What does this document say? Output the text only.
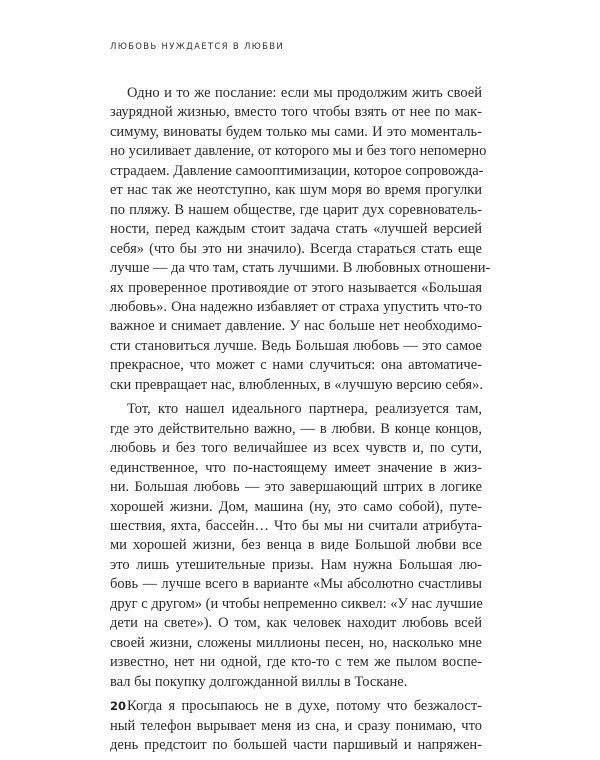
ЛЮБОВЬ НУЖДАЕТСЯ В ЛЮБВИ
Одно и то же послание: если мы продолжим жить своей
заурядной жизнью, вместо того чтобы взять от нее по мак-
симуму, виноваты будем только мы сами. И это моменталь-
но усиливает давление, от которого мы и без того непомерно
страдаем. Давление самооптимизации, которое сопровожда-
ет нас так же неотступно, как шум моря во время прогулки
по пляжу. В нашем обществе, где царит дух соревнователь-
ности, перед каждым стоит задача стать «лучшей версией
себя» (что бы это ни значило). Всегда стараться стать еще
лучше — да что там, стать лучшими. В любовных отношени-
ях проверенное противоядие от этого называется «Большая
любовь». Она надежно избавляет от страха упустить что-то
важное и снимает давление. У нас больше нет необходимо-
сти становиться лучше. Ведь Большая любовь — это самое
прекрасное, что может с нами случиться: она автоматиче-
ски превращает нас, влюбленных, в «лучшую версию себя».
Тот, кто нашел идеального партнера, реализуется там,
где это действительно важно, — в любви. В конце концов,
любовь и без того величайшее из всех чувств и, по сути,
единственное, что по-настоящему имеет значение в жиз-
ни. Большая любовь — это завершающий штрих в логике
хорошей жизни. Дом, машина (ну, это само собой), путе-
шествия, яхта, бассейн… Что бы мы ни считали атрибута-
ми хорошей жизни, без венца в виде Большой любви все
это лишь утешительные призы. Нам нужна Большая лю-
бовь — лучше всего в варианте «Мы абсолютно счастливы
друг с другом» (и чтобы непременно сиквел: «У нас лучшие
дети на свете»). О том, как человек находит любовь всей
своей жизни, сложены миллионы песен, но, насколько мне
известно, нет ни одной, где кто-то с тем же пылом воспе-
вал бы покупку долгожданной виллы в Тоскане.
Когда я просыпаюсь не в духе, потому что безжалост-
ный телефон вырывает меня из сна, и сразу понимаю, что
день предстоит по большей части паршивый и напряжен-
20
